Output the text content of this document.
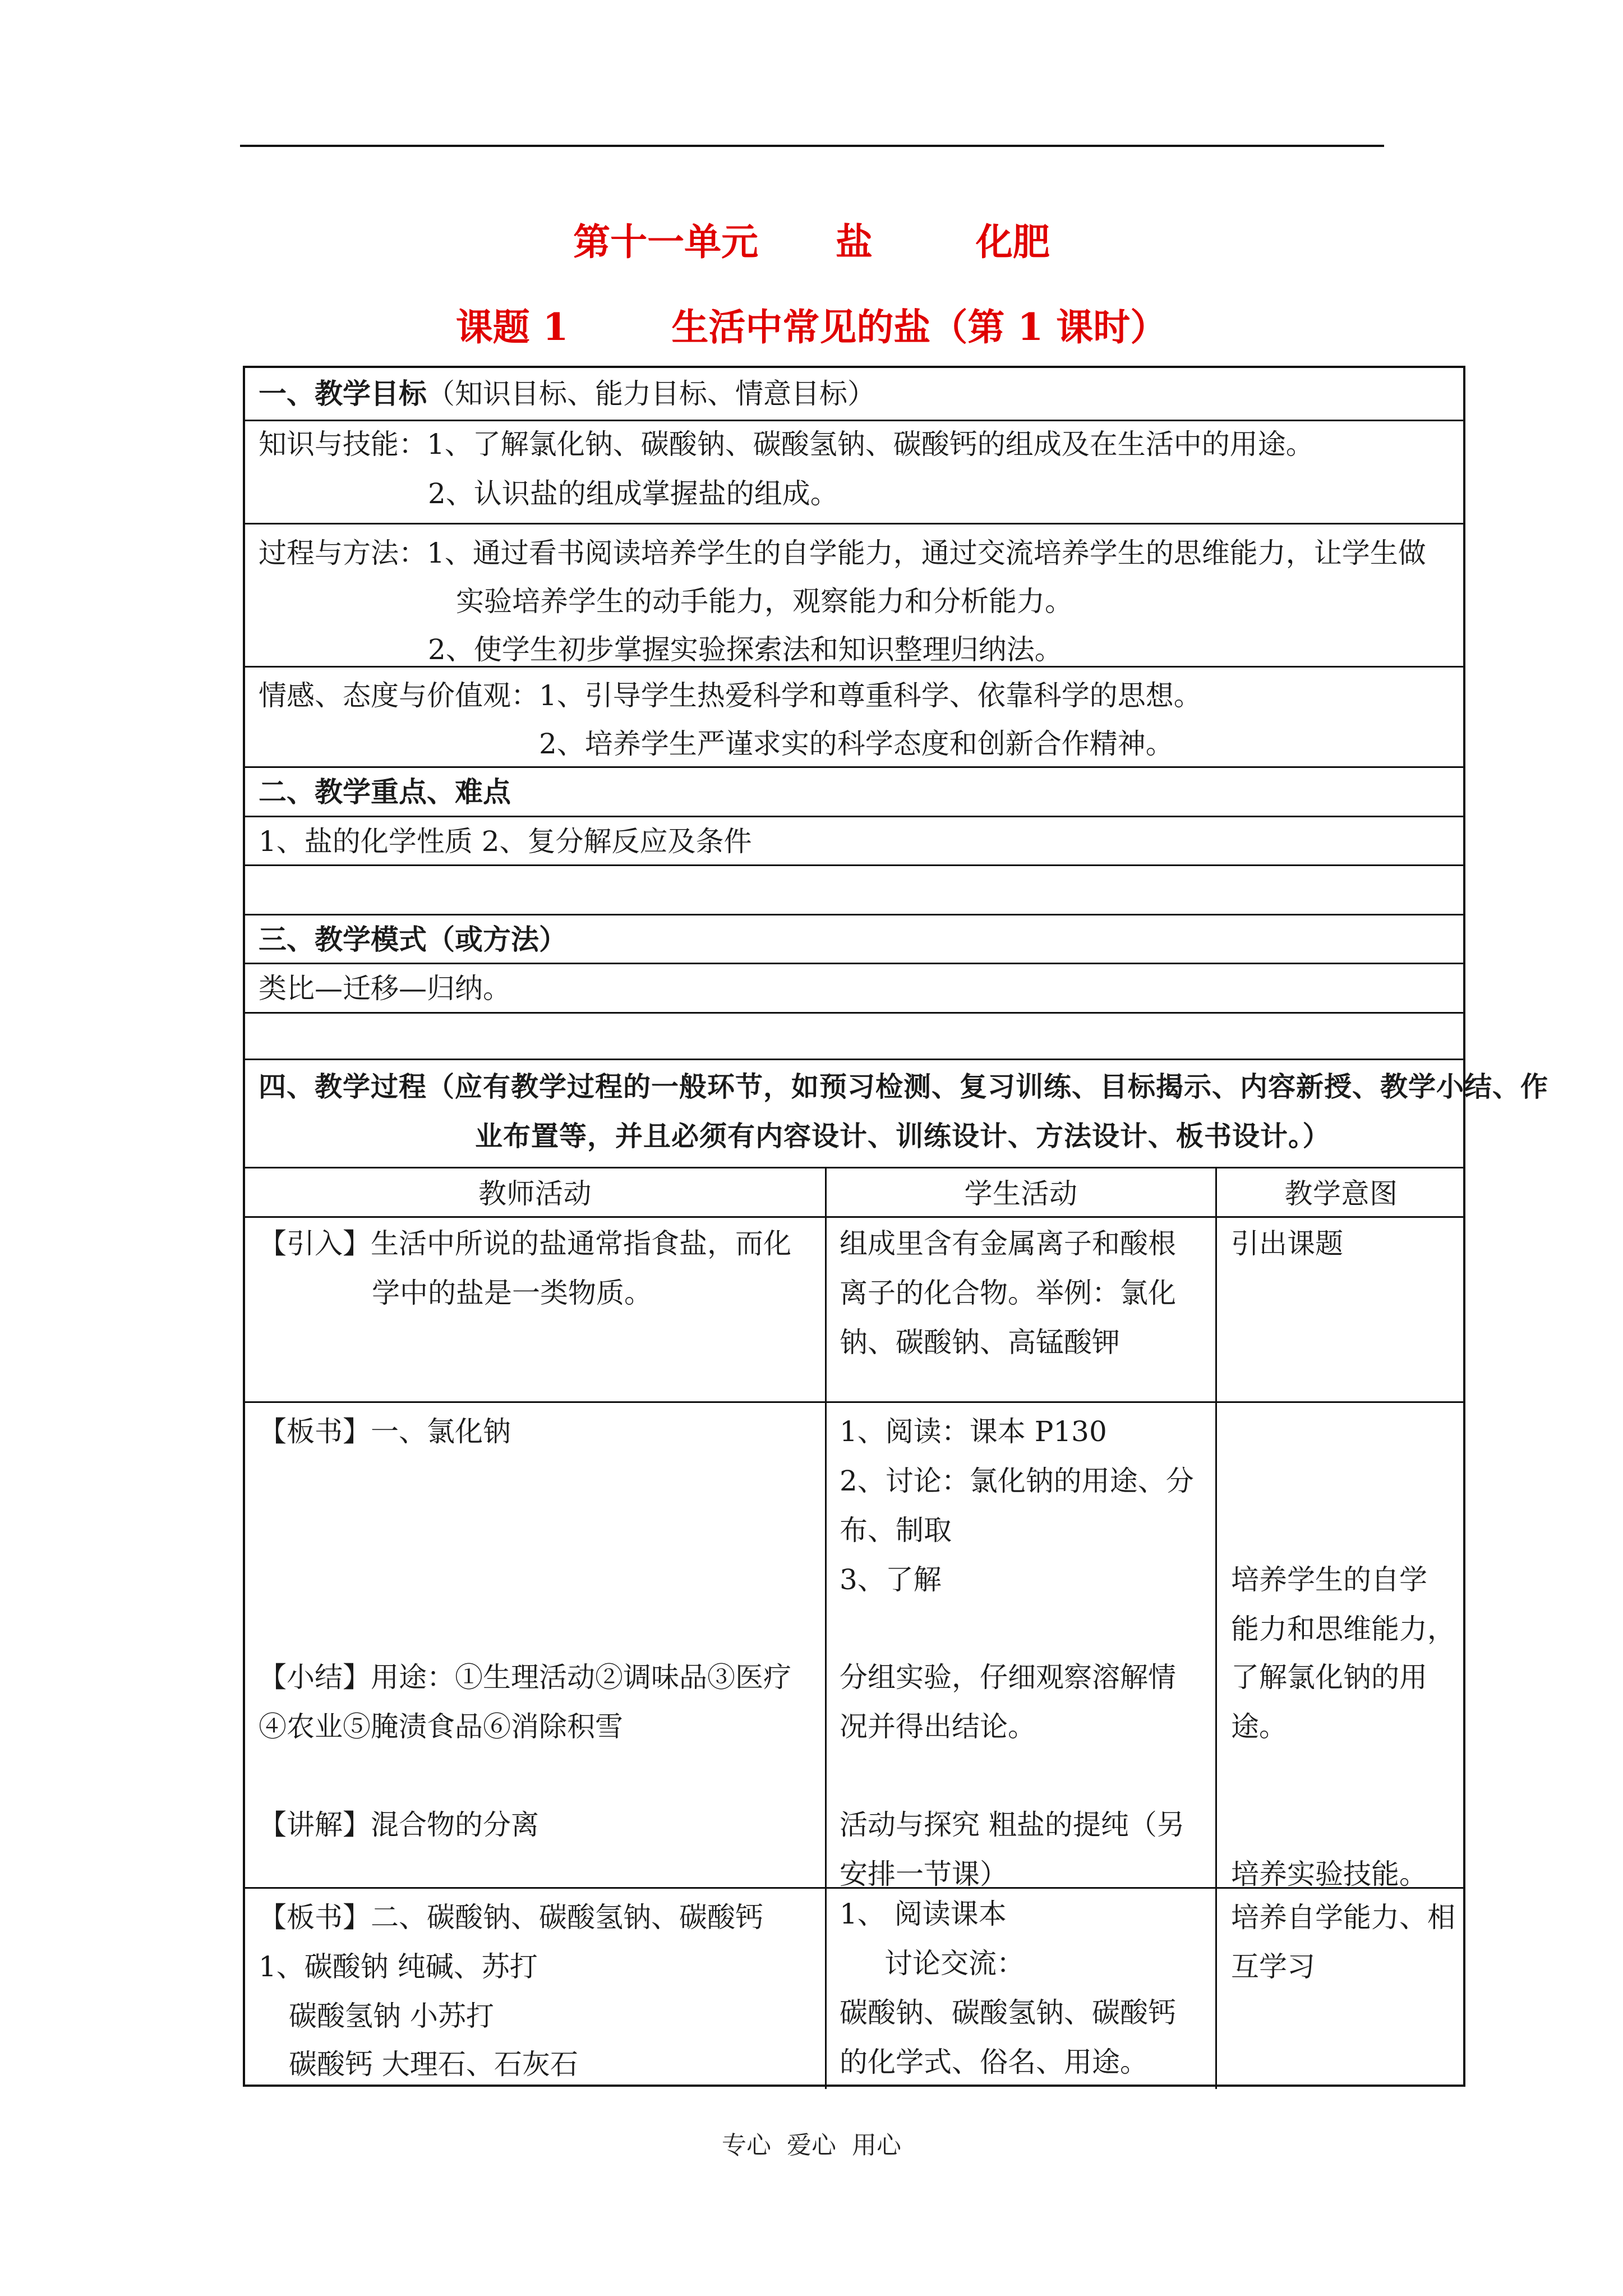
第十一单元      盐        化肥
课题 1        生活中常见的盐（第 1 课时）
一、教学目标（知识目标、能力目标、情意目标）
知识与技能：1、了解氯化钠、碳酸钠、碳酸氢钠、碳酸钙的组成及在生活中的用途。
2、认识盐的组成掌握盐的组成。
过程与方法：1、通过看书阅读培养学生的自学能力，通过交流培养学生的思维能力，让学生做
实验培养学生的动手能力，观察能力和分析能力。
2、使学生初步掌握实验探索法和知识整理归纳法。
情感、态度与价值观：1、引导学生热爱科学和尊重科学、依靠科学的思想。
2、培养学生严谨求实的科学态度和创新合作精神。
二、教学重点、难点
1、盐的化学性质 2、复分解反应及条件
三、教学模式（或方法）
类比—迁移—归纳。
四、教学过程（应有教学过程的一般环节，如预习检测、复习训练、目标揭示、内容新授、教学小结、作
业布置等，并且必须有内容设计、训练设计、方法设计、板书设计。）
教师活动	学生活动	教学意图
【引入】生活中所说的盐通常指食盐，而化
学中的盐是一类物质。
组成里含有金属离子和酸根
离子的化合物。举例：氯化
钠、碳酸钠、高锰酸钾
引出课题
【板书】一、氯化钠
【小结】用途：①生理活动②调味品③医疗
④农业⑤腌渍食品⑥消除积雪
【讲解】混合物的分离
1、阅读：课本 P130
2、讨论：氯化钠的用途、分
布、制取
3、了解
分组实验，仔细观察溶解情
况并得出结论。
活动与探究 粗盐的提纯（另
安排一节课）
培养学生的自学
能力和思维能力，
了解氯化钠的用
途。
培养实验技能。
【板书】二、碳酸钠、碳酸氢钠、碳酸钙
1、碳酸钠 纯碱、苏打
碳酸氢钠 小苏打
碳酸钙 大理石、石灰石
1、 阅读课本
讨论交流：
碳酸钠、碳酸氢钠、碳酸钙
的化学式、俗名、用途。
培养自学能力、相
互学习
专心  爱心  用心
